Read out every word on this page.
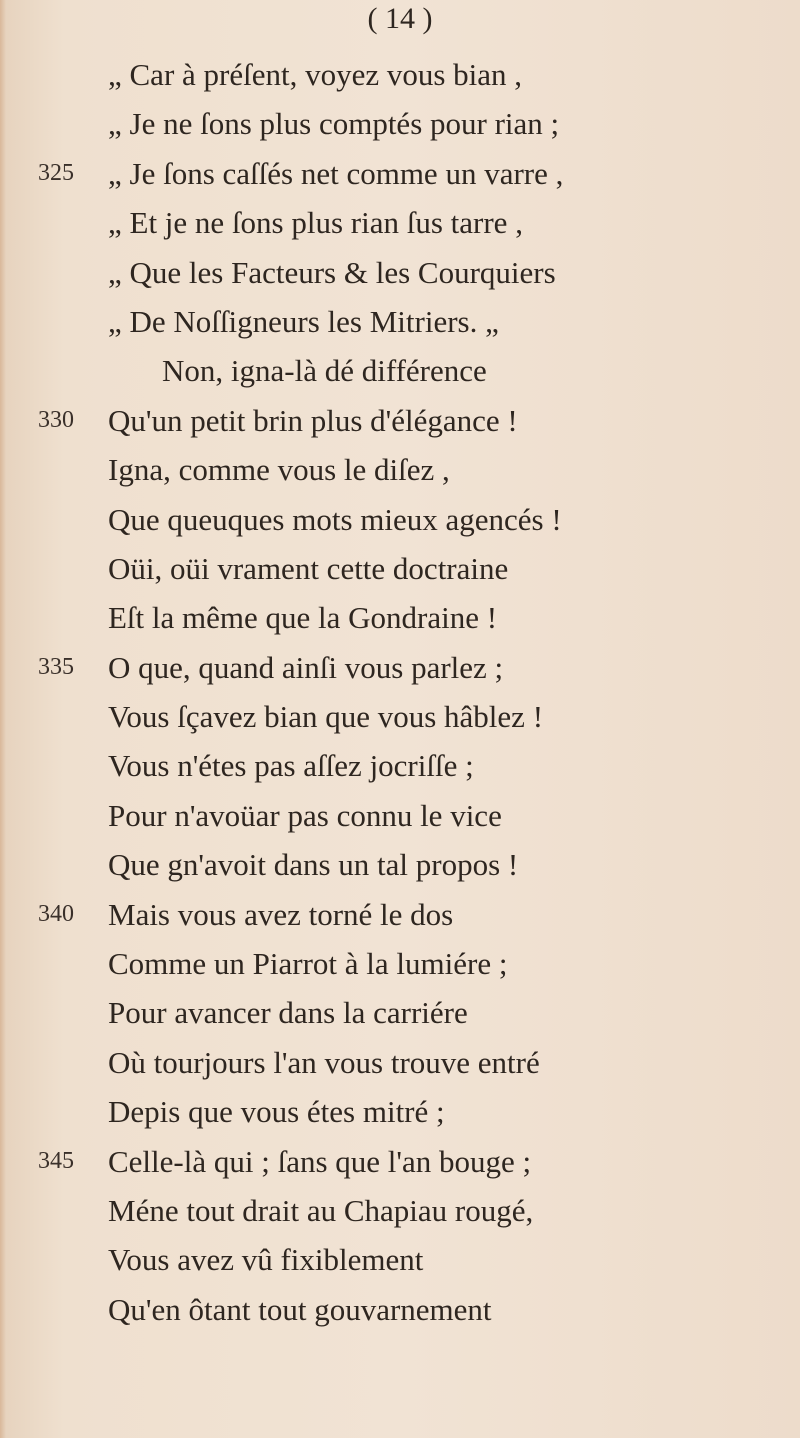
( 14 )
„ Car à préſent, voyez vous bian ,
„ Je ne ſons plus comptés pour rian ;
325 „ Je ſons caſſés net comme un varre ,
„ Et je ne ſons plus rian ſus tarre ,
„ Que les Facteurs & les Courquiers
„ De Noſſigneurs les Mitriers. „
Non, igna-là dé différence
330 Qu'un petit brin plus d'élégance !
Igna, comme vous le diſez ,
Que queuques mots mieux agencés !
Oüi, oüi vrament cette doctraine
Eſt la même que la Gondraine !
335 O que, quand ainſi vous parlez ;
Vous ſçavez bian que vous hâblez !
Vous n'étes pas aſſez jocriſſe ;
Pour n'avoüar pas connu le vice
Que gn'avoit dans un tal propos !
340 Mais vous avez torné le dos
Comme un Piarrot à la lumiére ;
Pour avancer dans la carriére
Où tourjours l'an vous trouve entré
Depis que vous étes mitré ;
345 Celle-là qui ; ſans que l'an bouge ;
Méne tout drait au Chapiau rougé,
Vous avez vû fixiblement
Qu'en ôtant tout gouvarnement
